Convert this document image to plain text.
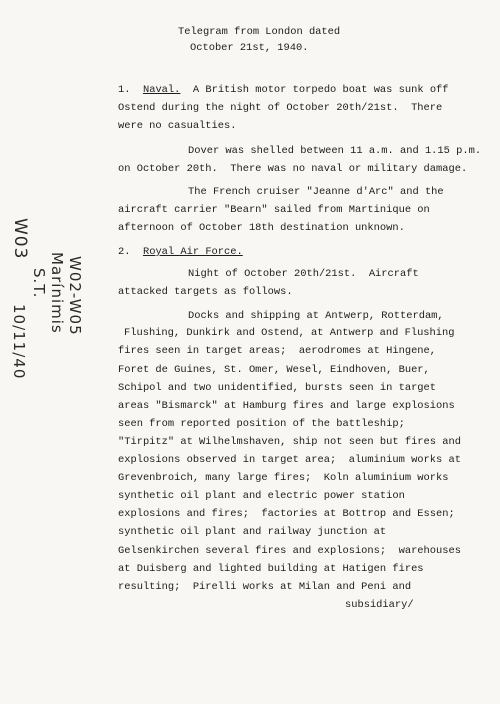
Telegram from London dated
October 21st, 1940.
1. Naval. A British motor torpedo boat was sunk off
Ostend during the night of October 20th/21st.  There
were no casualties.
Dover was shelled between 11 a.m. and 1.15 p.m.
on October 20th.  There was no naval or military damage.
The French cruiser "Jeanne d'Arc" and the
aircraft carrier "Bearn" sailed from Martinique on
afternoon of October 18th destination unknown.
2. Royal Air Force.
Night of October 20th/21st.  Aircraft
attacked targets as follows.
Docks and shipping at Antwerp, Rotterdam,
Flushing, Dunkirk and Ostend, at Antwerp and Flushing
fires seen in target areas;  aerodromes at Hingene,
Foret de Guines, St. Omer, Wesel, Eindhoven, Buer,
Schipol and two unidentified, bursts seen in target
areas "Bismarck" at Hamburg fires and large explosions
seen from reported position of the battleship;
"Tirpitz" at Wilhelmshaven, ship not seen but fires and
explosions observed in target area;  aluminium works at
Grevenbroich, many large fires;  Koln aluminium works
synthetic oil plant and electric power station
explosions and fires;  factories at Bottrop and Essen;
synthetic oil plant and railway junction at
Gelsenkirchen several fires and explosions;  warehouses
at Duisberg and lighted building at Hatigen fires
resulting;  Pirelli works at Milan and Peni and
subsidiary/
W03
W02-W05
Marínimis
S.T.
10/11/40
